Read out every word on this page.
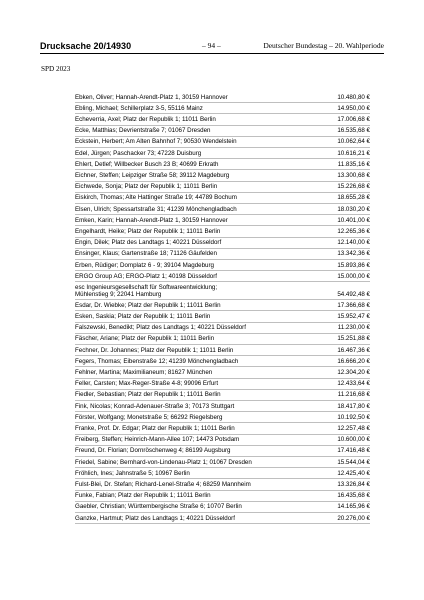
Drucksache 20/14930	– 94 –	Deutscher Bundestag – 20. Wahlperiode
SPD 2023
Ebken, Oliver; Hannah-Arendt-Platz 1, 30159 Hannover	10.480,80 €
Ebling, Michael; Schillerplatz 3-5, 55116 Mainz	14.950,00 €
Echeverria, Axel; Platz der Republik 1; 11011 Berlin	17.006,68 €
Ecke, Matthias; Devrientstraße 7; 01067 Dresden	16.535,68 €
Eckstein, Herbert; Am Alten Bahnhof 7; 90530 Wendelstein	10.062,64 €
Edel, Jürgen; Paschacker 73; 47228 Duisburg	10.616,21 €
Ehlert, Detlef; Willbecker Busch 23 B; 40699 Erkrath	11.835,16 €
Eichner, Steffen; Leipziger Straße 58; 39112 Magdeburg	13.300,68 €
Eichwede, Sonja; Platz der Republik 1; 11011 Berlin	15.226,68 €
Eiskirch, Thomas; Alte Hattinger Straße 19; 44789 Bochum	18.655,28 €
Elsen, Ulrich; Spessartstraße 31; 41239 Mönchengladbach	18.030,20 €
Emken, Karin; Hannah-Arendt-Platz 1, 30159 Hannover	10.401,00 €
Engelhardt, Heike; Platz der Republik 1; 11011 Berlin	12.265,36 €
Engin, Dilek; Platz des Landtags 1; 40221 Düsseldorf	12.140,00 €
Ensinger, Klaus; Gartenstraße 18; 71126 Gäufelden	13.342,36 €
Erben, Rüdiger; Domplatz 6 - 9; 39104 Magdeburg	15.893,86 €
ERGO Group AG; ERGO-Platz 1; 40198 Düsseldorf	15.000,00 €
esc Ingenieursgesellschaft für Softwareentwicklung;
Mühlenstieg 9; 22041 Hamburg	54.492,48 €
Esdar, Dr. Wiebke; Platz der Republik 1; 11011 Berlin	17.366,68 €
Esken, Saskia; Platz der Republik 1; 11011 Berlin	15.952,47 €
Falszewski, Benedikt; Platz des Landtags 1; 40221 Düsseldorf	11.230,00 €
Fäscher, Ariane; Platz der Republik 1; 11011 Berlin	15.251,88 €
Fechner, Dr. Johannes; Platz der Republik 1; 11011 Berlin	16.467,36 €
Fegers, Thomas; Eibenstraße 12; 41239 Mönchengladbach	16.666,20 €
Fehlner, Martina; Maximilianeum; 81627 München	12.304,20 €
Feller, Carsten; Max-Reger-Straße 4-8; 99096 Erfurt	12.433,64 €
Fiedler, Sebastian; Platz der Republik 1; 11011 Berlin	11.216,68 €
Fink, Nicolas; Konrad-Adenauer-Straße 3; 70173 Stuttgart	18.417,80 €
Förster, Wolfgang; Monetstraße 5; 66292 Riegelsberg	10.192,50 €
Franke, Prof. Dr. Edgar; Platz der Republik 1; 11011 Berlin	12.257,48 €
Freiberg, Steffen; Heinrich-Mann-Allee 107; 14473 Potsdam	10.600,00 €
Freund, Dr. Florian; Dornröschenweg 4; 86199 Augsburg	17.416,48 €
Friedel, Sabine; Bernhard-von-Lindenau-Platz 1; 01067 Dresden	15.544,04 €
Fröhlich, Ines; Jahnstraße 5; 10967 Berlin	12.425,40 €
Fulst-Blei, Dr. Stefan; Richard-Lenel-Straße 4; 68259 Mannheim	13.326,84 €
Funke, Fabian; Platz der Republik 1; 11011 Berlin	16.435,68 €
Gaebler, Christian; Württembergische Straße 6; 10707 Berlin	14.165,96 €
Ganzke, Hartmut; Platz des Landtags 1; 40221 Düsseldorf	20.276,00 €
